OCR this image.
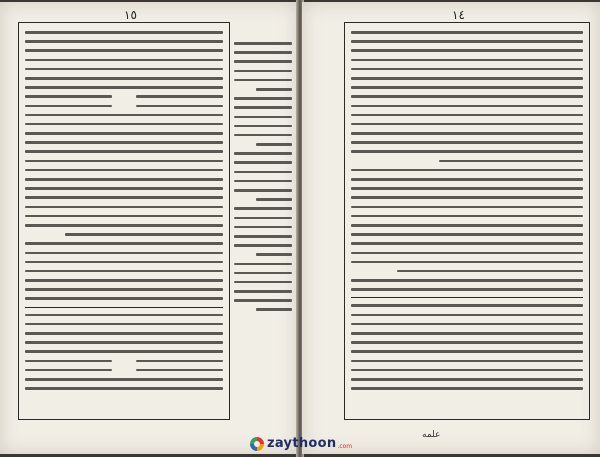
١٥	١٤
علمه
zaythoon .com
